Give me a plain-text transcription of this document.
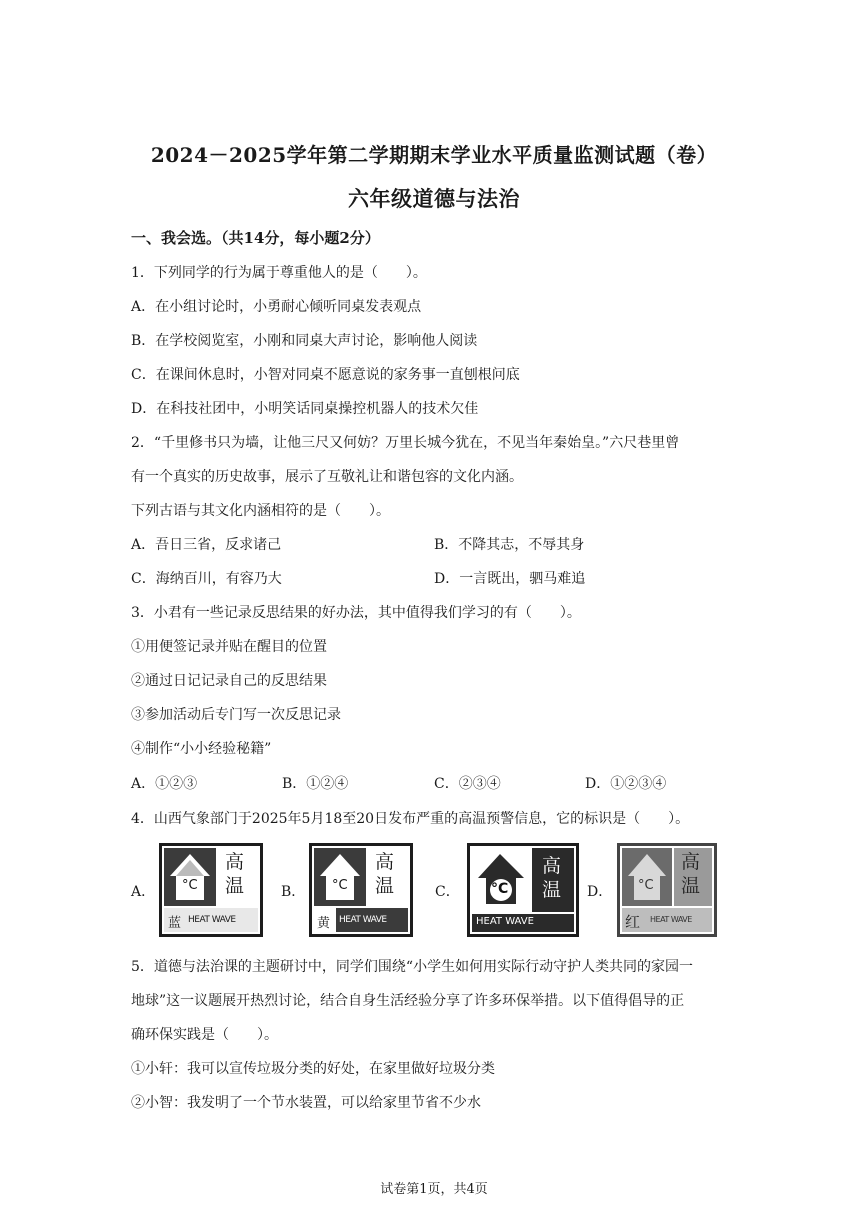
2024－2025学年第二学期期末学业水平质量监测试题（卷）
六年级道德与法治
一、我会选。（共14分，每小题2分）
1．下列同学的行为属于尊重他人的是（　　）。
A．在小组讨论时，小勇耐心倾听同桌发表观点
B．在学校阅览室，小刚和同桌大声讨论，影响他人阅读
C．在课间休息时，小智对同桌不愿意说的家务事一直刨根问底
D．在科技社团中，小明笑话同桌操控机器人的技术欠佳
2．“千里修书只为墙，让他三尺又何妨？万里长城今犹在，不见当年秦始皇。”六尺巷里曾
有一个真实的历史故事，展示了互敬礼让和谐包容的文化内涵。
下列古语与其文化内涵相符的是（　　）。
A．吾日三省，反求诸己	B．不降其志，不辱其身
C．海纳百川，有容乃大	D．一言既出，驷马难追
3．小君有一些记录反思结果的好办法，其中值得我们学习的有（　　）。
①用便签记录并贴在醒目的位置
②通过日记记录自己的反思结果
③参加活动后专门写一次反思记录
④制作“小小经验秘籍”
A．①②③	B．①②④	C．②③④	D．①②③④
4．山西气象部门于2025年5月18至20日发布严重的高温预警信息，它的标识是（　　）。
A． °C
高温
蓝 HEAT WAVE
B． °C
高温
黄 HEAT WAVE
C． °C
高温
HEAT WAVE
D． °C
高温
红 HEAT WAVE
5．道德与法治课的主题研讨中，同学们围绕“小学生如何用实际行动守护人类共同的家园一
地球”这一议题展开热烈讨论，结合自身生活经验分享了许多环保举措。以下值得倡导的正
确环保实践是（　　）。
①小轩：我可以宣传垃圾分类的好处，在家里做好垃圾分类
②小智：我发明了一个节水装置，可以给家里节省不少水
试卷第1页，共4页
